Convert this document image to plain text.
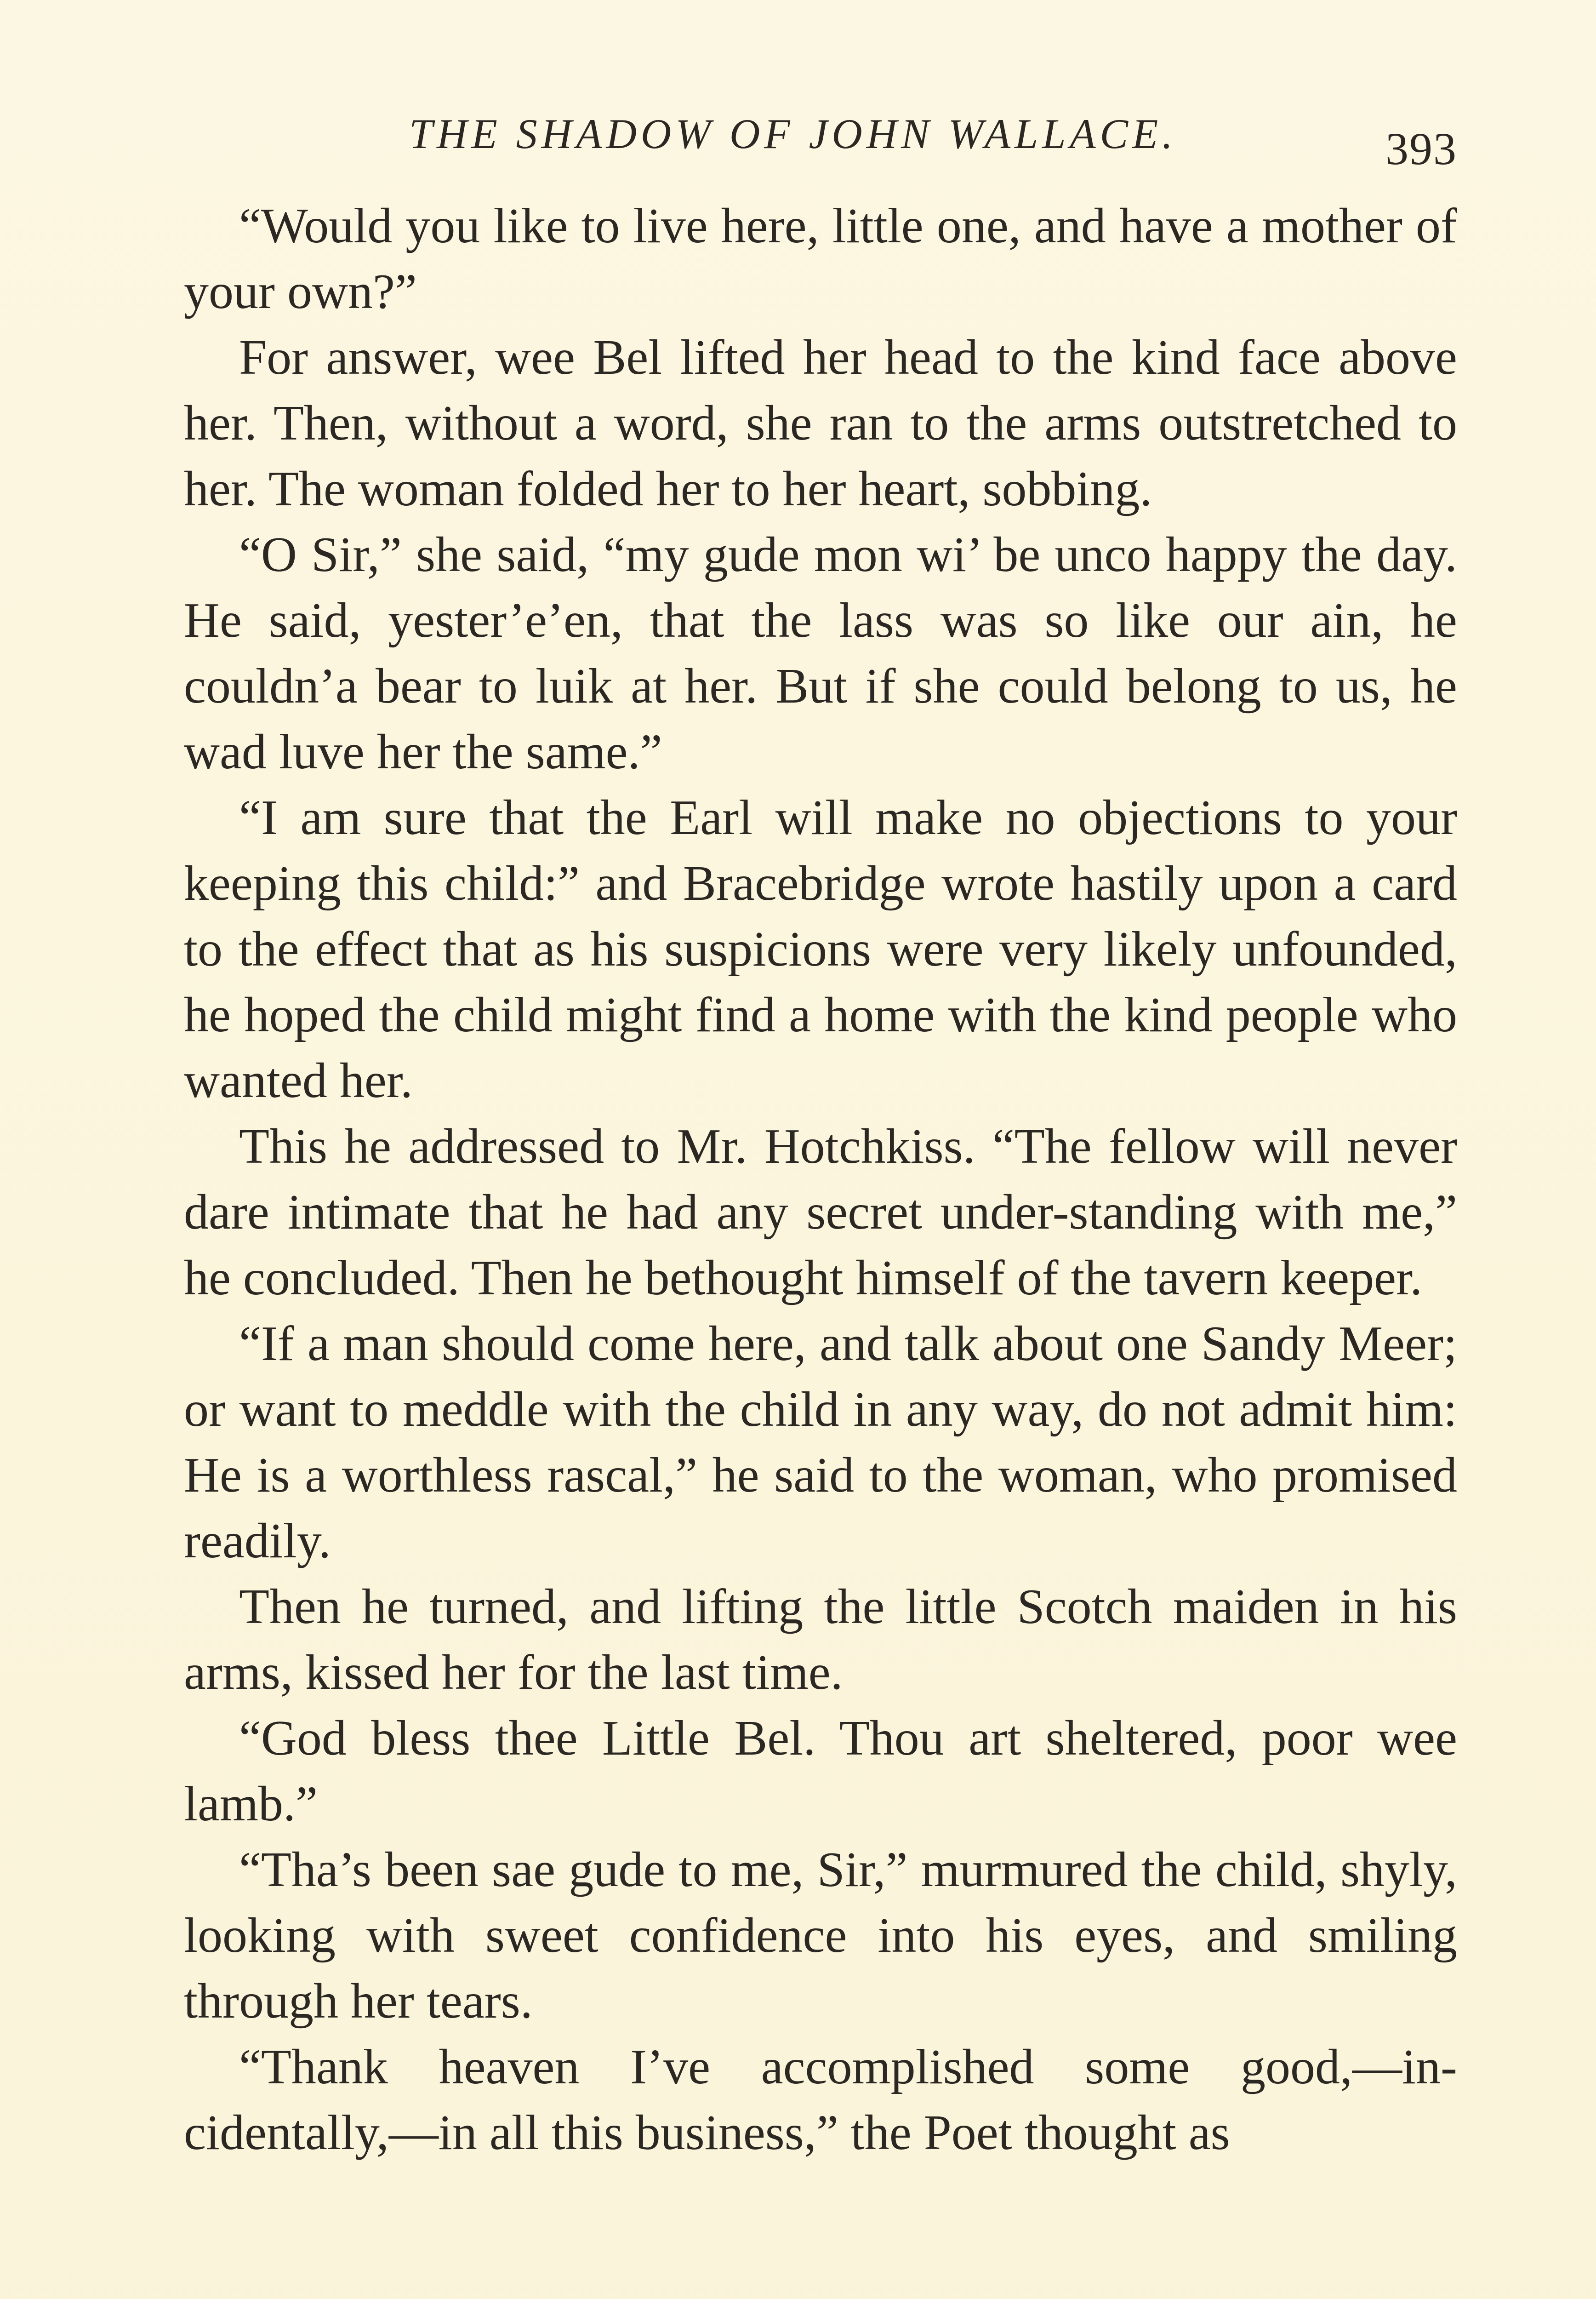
THE SHADOW OF JOHN WALLACE.	393

“Would you like to live here, little one, and have a mother of your own?”

For answer, wee Bel lifted her head to the kind face above her. Then, without a word, she ran to the arms outstretched to her. The woman folded her to her heart, sobbing.

“O Sir,” she said, “my gude mon wi’ be unco happy the day. He said, yester’e’en, that the lass was so like our ain, he couldn’a bear to luik at her. But if she could belong to us, he wad luve her the same.”

“I am sure that the Earl will make no objections to your keeping this child:” and Bracebridge wrote hastily upon a card to the effect that as his suspicions were very likely unfounded, he hoped the child might find a home with the kind people who wanted her.

This he addressed to Mr. Hotchkiss. “The fellow will never dare intimate that he had any secret under-standing with me,” he concluded. Then he bethought himself of the tavern keeper.

“If a man should come here, and talk about one Sandy Meer; or want to meddle with the child in any way, do not admit him: He is a worthless rascal,” he said to the woman, who promised readily.

Then he turned, and lifting the little Scotch maiden in his arms, kissed her for the last time.

“God bless thee Little Bel. Thou art sheltered, poor wee lamb.”

“Tha’s been sae gude to me, Sir,” murmured the child, shyly, looking with sweet confidence into his eyes, and smiling through her tears.

“Thank heaven I’ve accomplished some good,—in-cidentally,—in all this business,” the Poet thought as
